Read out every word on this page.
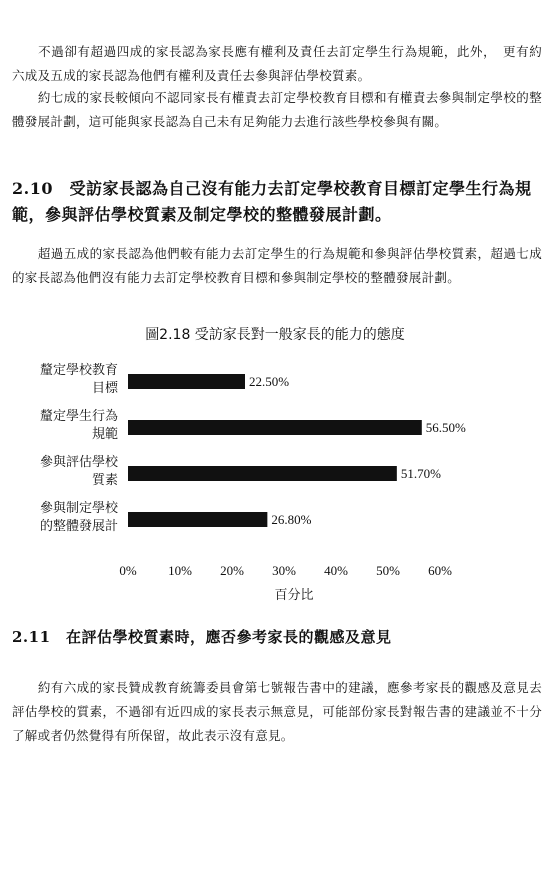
　　不過卻有超過四成的家長認為家長應有權利及責任去訂定學生行為規範，此外，　更有約六成及五成的家長認為他們有權利及責任去參與評估學校質素。

　　約七成的家長較傾向不認同家長有權責去訂定學校教育目標和有權責去參與制定學校的整體發展計劃，這可能與家長認為自己未有足夠能力去進行該些學校參與有關。

2.10　受訪家長認為自己沒有能力去訂定學校教育目標訂定學生行為規範，參與評估學校質素及制定學校的整體發展計劃。

　　超過五成的家長認為他們較有能力去訂定學生的行為規範和參與評估學校質素，超過七成的家長認為他們沒有能力去訂定學校教育目標和參與制定學校的整體發展計劃。

圖2.18 受訪家長對一般家長的能力的態度
釐定學校教育目標	22.50%
釐定學生行為規範	56.50%
參與評估學校質素	51.70%
參與制定學校的整體發展計	26.80%
0% 10% 20% 30% 40% 50% 60%
百分比

2.11　在評估學校質素時，應否參考家長的觀感及意見

　　約有六成的家長贊成教育統籌委員會第七號報告書中的建議，應參考家長的觀感及意見去評估學校的質素，不過卻有近四成的家長表示無意見，可能部份家長對報告書的建議並不十分了解或者仍然覺得有所保留，故此表示沒有意見。
